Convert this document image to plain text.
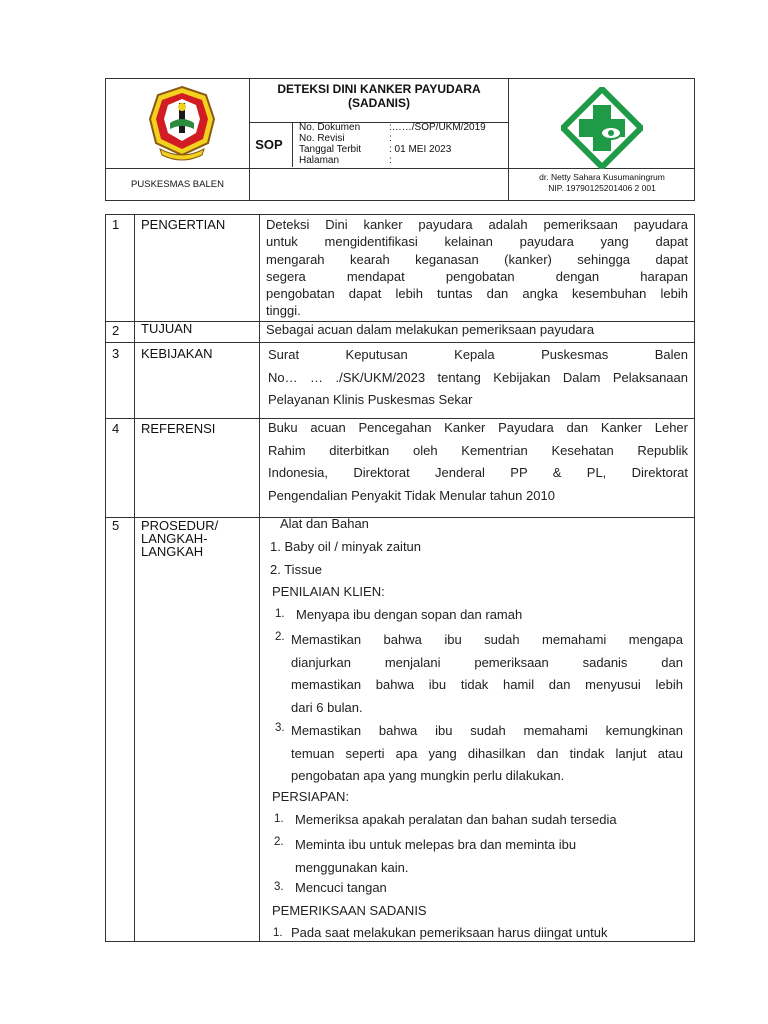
DETEKSI DINI KANKER PAYUDARA
(SADANIS)
SOP
No. Dokumen	:……/SOP/UKM/2019
No. Revisi	:
Tanggal Terbit	: 01 MEI 2023
Halaman	:
PUSKESMAS BALEN
dr. Netty Sahara Kusumaningrum
NIP. 19790125201406 2 001
1 PENGERTIAN	Deteksi Dini kanker payudara adalah pemeriksaan payudara
untuk mengidentifikasi kelainan payudara yang dapat
mengarah kearah keganasan (kanker) sehingga dapat
segera mendapat pengobatan dengan harapan
pengobatan dapat lebih tuntas dan angka kesembuhan lebih
tinggi.
2 TUJUAN	Sebagai acuan dalam melakukan pemeriksaan payudara
3 KEBIJAKAN	Surat Keputusan Kepala Puskesmas Balen
No… … ./SK/UKM/2023 tentang Kebijakan Dalam Pelaksanaan
Pelayanan Klinis Puskesmas Sekar
4 REFERENSI	Buku acuan Pencegahan Kanker Payudara dan Kanker Leher
Rahim diterbitkan oleh Kementrian Kesehatan Republik
Indonesia, Direktorat Jenderal PP & PL, Direktorat
Pengendalian Penyakit Tidak Menular tahun 2010
5 PROSEDUR/
LANGKAH-
LANGKAH
Alat dan Bahan
1. Baby oil / minyak zaitun
2. Tissue
PENILAIAN KLIEN:
1. Menyapa ibu dengan sopan dan ramah
2. Memastikan bahwa ibu sudah memahami mengapa
dianjurkan menjalani pemeriksaan sadanis dan
memastikan bahwa ibu tidak hamil dan menyusui lebih
dari 6 bulan.
3. Memastikan bahwa ibu sudah memahami kemungkinan
temuan seperti apa yang dihasilkan dan tindak lanjut atau
pengobatan apa yang mungkin perlu dilakukan.
PERSIAPAN:
1. Memeriksa apakah peralatan dan bahan sudah tersedia
2. Meminta ibu untuk melepas bra dan meminta ibu
menggunakan kain.
3. Mencuci tangan
PEMERIKSAAN SADANIS
1. Pada saat melakukan pemeriksaan harus diingat untuk
